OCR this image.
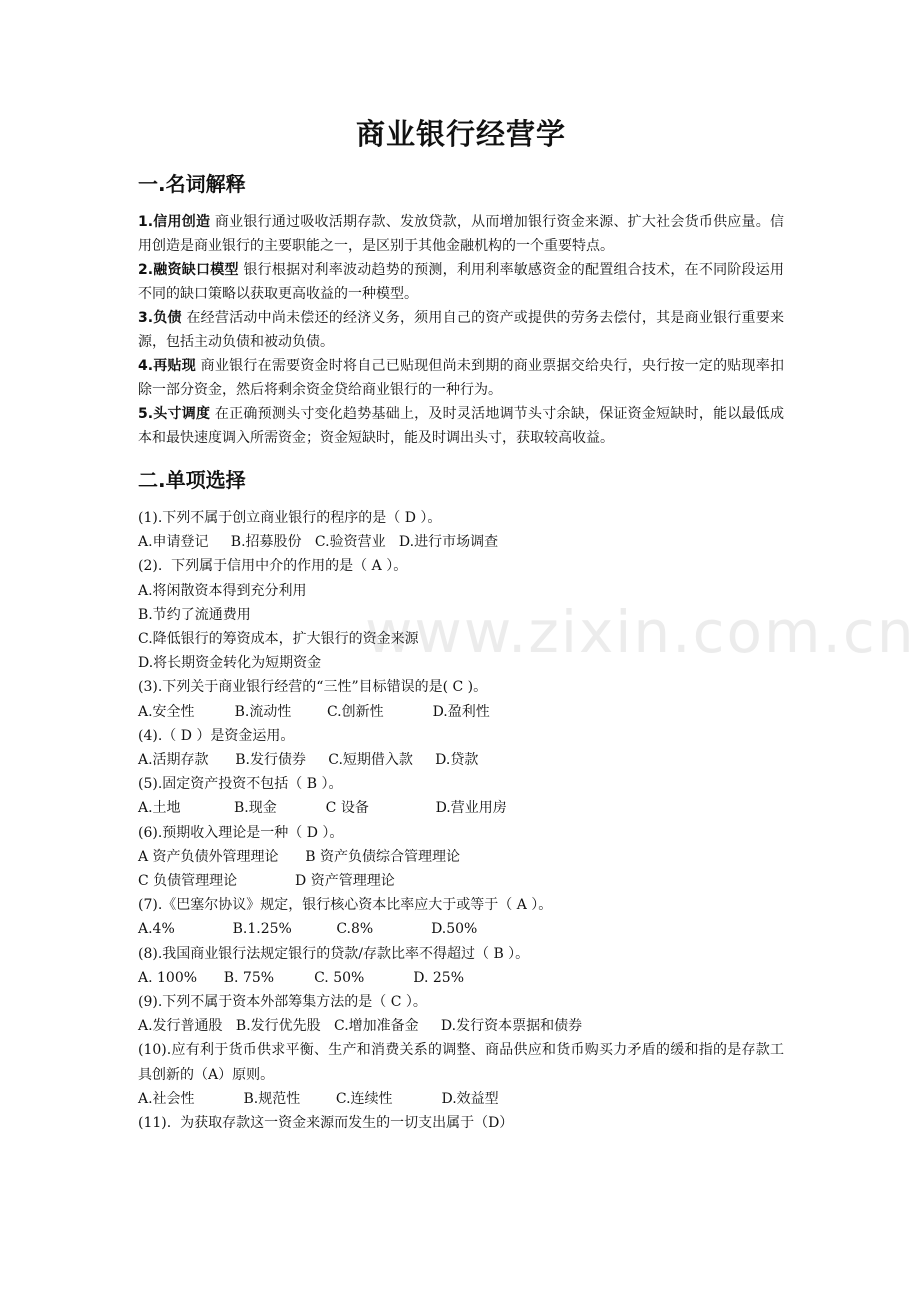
商业银行经营学
一.名词解释

1.信用创造 商业银行通过吸收活期存款、发放贷款，从而增加银行资金来源、扩大社会货币供应量。信用创造是商业银行的主要职能之一，是区别于其他金融机构的一个重要特点。

2.融资缺口模型 银行根据对利率波动趋势的预测，利用利率敏感资金的配置组合技术，在不同阶段运用不同的缺口策略以获取更高收益的一种模型。

3.负债 在经营活动中尚未偿还的经济义务，须用自己的资产或提供的劳务去偿付，其是商业银行重要来源，包括主动负债和被动负债。

4.再贴现 商业银行在需要资金时将自己已贴现但尚未到期的商业票据交给央行，央行按一定的贴现率扣除一部分资金，然后将剩余资金贷给商业银行的一种行为。

5.头寸调度 在正确预测头寸变化趋势基础上，及时灵活地调节头寸余缺，保证资金短缺时，能以最低成本和最快速度调入所需资金；资金短缺时，能及时调出头寸，获取较高收益。

二.单项选择

(1).下列不属于创立商业银行的程序的是（ D ）。

A.申请登记     B.招募股份   C.验资营业   D.进行市场调查

(2).  下列属于信用中介的作用的是（ A ）。

A.将闲散资本得到充分利用

B.节约了流通费用

C.降低银行的筹资成本，扩大银行的资金来源

D.将长期资金转化为短期资金

(3).下列关于商业银行经营的“三性”目标错误的是( C )。

A.安全性         B.流动性        C.创新性           D.盈利性

(4).（ D ）是资金运用。

A.活期存款      B.发行债券     C.短期借入款     D.贷款

(5).固定资产投资不包括（ B ）。

A.土地            B.现金           C 设备               D.营业用房

(6).预期收入理论是一种（ D ）。

A 资产负债外管理理论      B 资产负债综合管理理论

C 负债管理理论             D 资产管理理论

(7).《巴塞尔协议》规定，银行核心资本比率应大于或等于（ A ）。

A.4%             B.1.25%          C.8%             D.50%

(8).我国商业银行法规定银行的贷款/存款比率不得超过（ B ）。

A. 100%      B. 75%         C. 50%           D. 25%

(9).下列不属于资本外部筹集方法的是（ C ）。

A.发行普通股   B.发行优先股   C.增加准备金     D.发行资本票据和债券

(10).应有利于货币供求平衡、生产和消费关系的调整、商品供应和货币购买力矛盾的缓和指的是存款工具创新的（A）原则。

A.社会性           B.规范性        C.连续性           D.效益型

(11).  为获取存款这一资金来源而发生的一切支出属于（D）

www.zixin.com.cn
